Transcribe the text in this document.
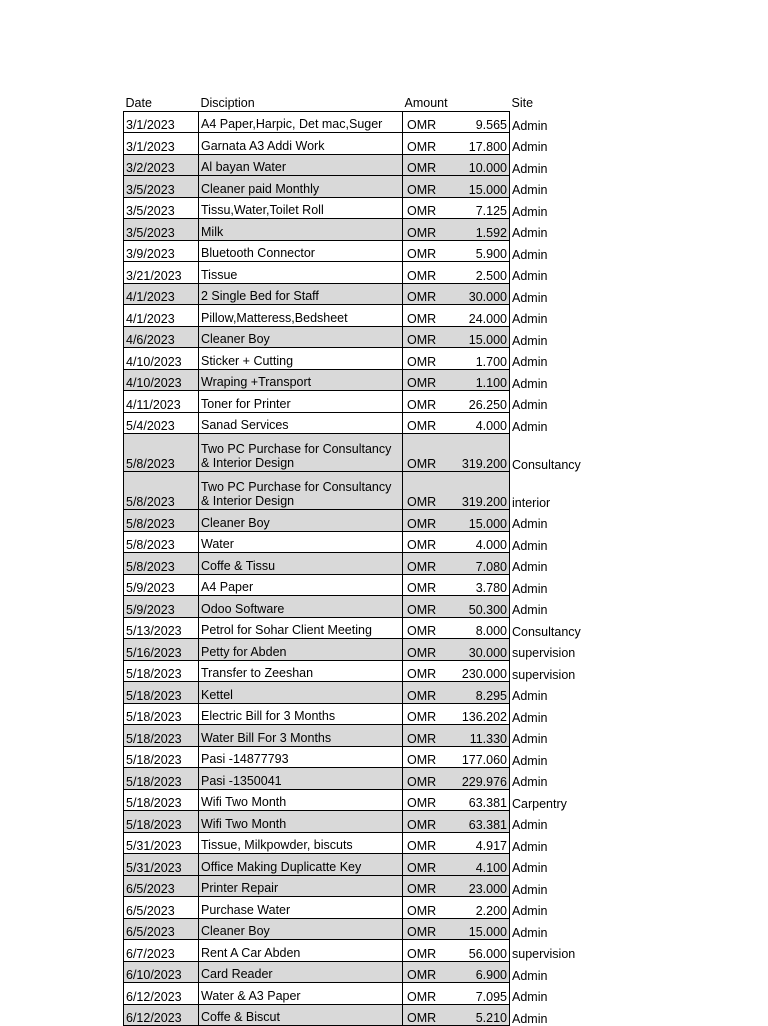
Date	Disciption	Amount		Site
3/1/2023	A4 Paper,Harpic, Det mac,Suger	OMR	9.565	Admin
3/1/2023	Garnata A3 Addi Work	OMR	17.800	Admin
3/2/2023	Al bayan Water	OMR	10.000	Admin
3/5/2023	Cleaner paid Monthly	OMR	15.000	Admin
3/5/2023	Tissu,Water,Toilet Roll	OMR	7.125	Admin
3/5/2023	Milk	OMR	1.592	Admin
3/9/2023	Bluetooth Connector	OMR	5.900	Admin
3/21/2023	Tissue	OMR	2.500	Admin
4/1/2023	2 Single Bed for Staff	OMR	30.000	Admin
4/1/2023	Pillow,Matteress,Bedsheet	OMR	24.000	Admin
4/6/2023	Cleaner Boy	OMR	15.000	Admin
4/10/2023	Sticker + Cutting	OMR	1.700	Admin
4/10/2023	Wraping +Transport	OMR	1.100	Admin
4/11/2023	Toner for Printer	OMR	26.250	Admin
5/4/2023	Sanad Services	OMR	4.000	Admin
5/8/2023	Two PC Purchase for Consultancy & Interior Design	OMR	319.200	Consultancy
5/8/2023	Two PC Purchase for Consultancy & Interior Design	OMR	319.200	interior
5/8/2023	Cleaner Boy	OMR	15.000	Admin
5/8/2023	Water	OMR	4.000	Admin
5/8/2023	Coffe & Tissu	OMR	7.080	Admin
5/9/2023	A4 Paper	OMR	3.780	Admin
5/9/2023	Odoo Software	OMR	50.300	Admin
5/13/2023	Petrol for Sohar Client Meeting	OMR	8.000	Consultancy
5/16/2023	Petty for Abden	OMR	30.000	supervision
5/18/2023	Transfer to Zeeshan	OMR	230.000	supervision
5/18/2023	Kettel	OMR	8.295	Admin
5/18/2023	Electric Bill for 3 Months	OMR	136.202	Admin
5/18/2023	Water Bill For 3 Months	OMR	11.330	Admin
5/18/2023	Pasi -14877793	OMR	177.060	Admin
5/18/2023	Pasi -1350041	OMR	229.976	Admin
5/18/2023	Wifi Two Month	OMR	63.381	Carpentry
5/18/2023	Wifi Two Month	OMR	63.381	Admin
5/31/2023	Tissue, Milkpowder, biscuts	OMR	4.917	Admin
5/31/2023	Office Making Duplicatte Key	OMR	4.100	Admin
6/5/2023	Printer Repair	OMR	23.000	Admin
6/5/2023	Purchase Water	OMR	2.200	Admin
6/5/2023	Cleaner Boy	OMR	15.000	Admin
6/7/2023	Rent A Car Abden	OMR	56.000	supervision
6/10/2023	Card Reader	OMR	6.900	Admin
6/12/2023	Water & A3 Paper	OMR	7.095	Admin
6/12/2023	Coffe & Biscut	OMR	5.210	Admin
